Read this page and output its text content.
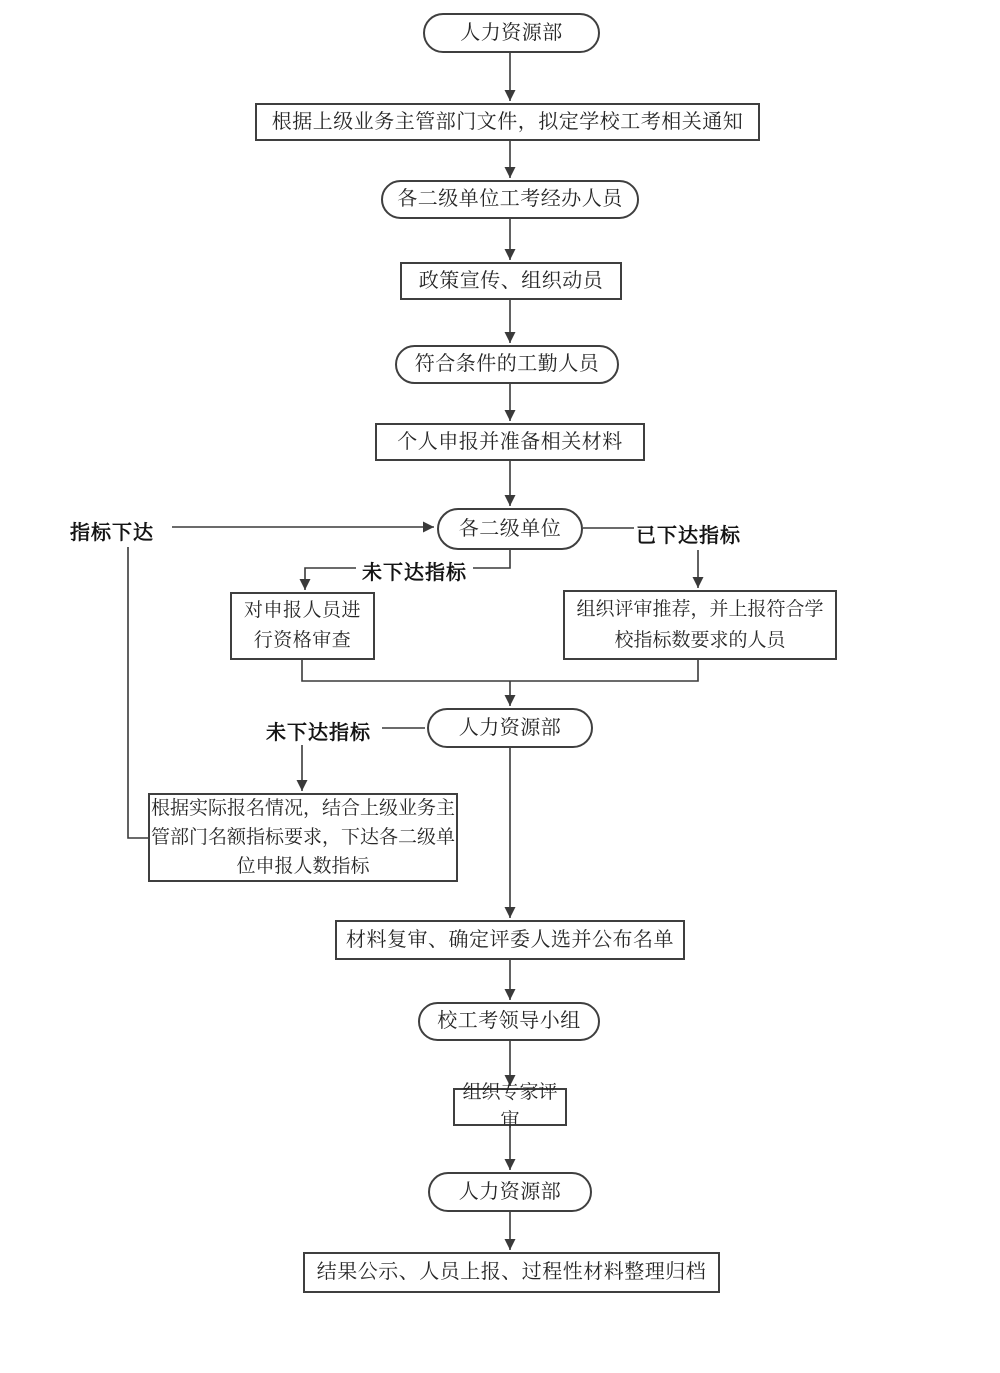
人力资源部
根据上级业务主管部门文件，拟定学校工考相关通知
各二级单位工考经办人员
政策宣传、组织动员
符合条件的工勤人员
个人申报并准备相关材料
各二级单位
对申报人员进行资格审查
组织评审推荐，并上报符合学校指标数要求的人员
人力资源部
根据实际报名情况，结合上级业务主管部门名额指标要求，下达各二级单位申报人数指标
材料复审、确定评委人选并公布名单
校工考领导小组
组织专家评审
人力资源部
结果公示、人员上报、过程性材料整理归档
指标下达	已下达指标
未下达指标
未下达指标
